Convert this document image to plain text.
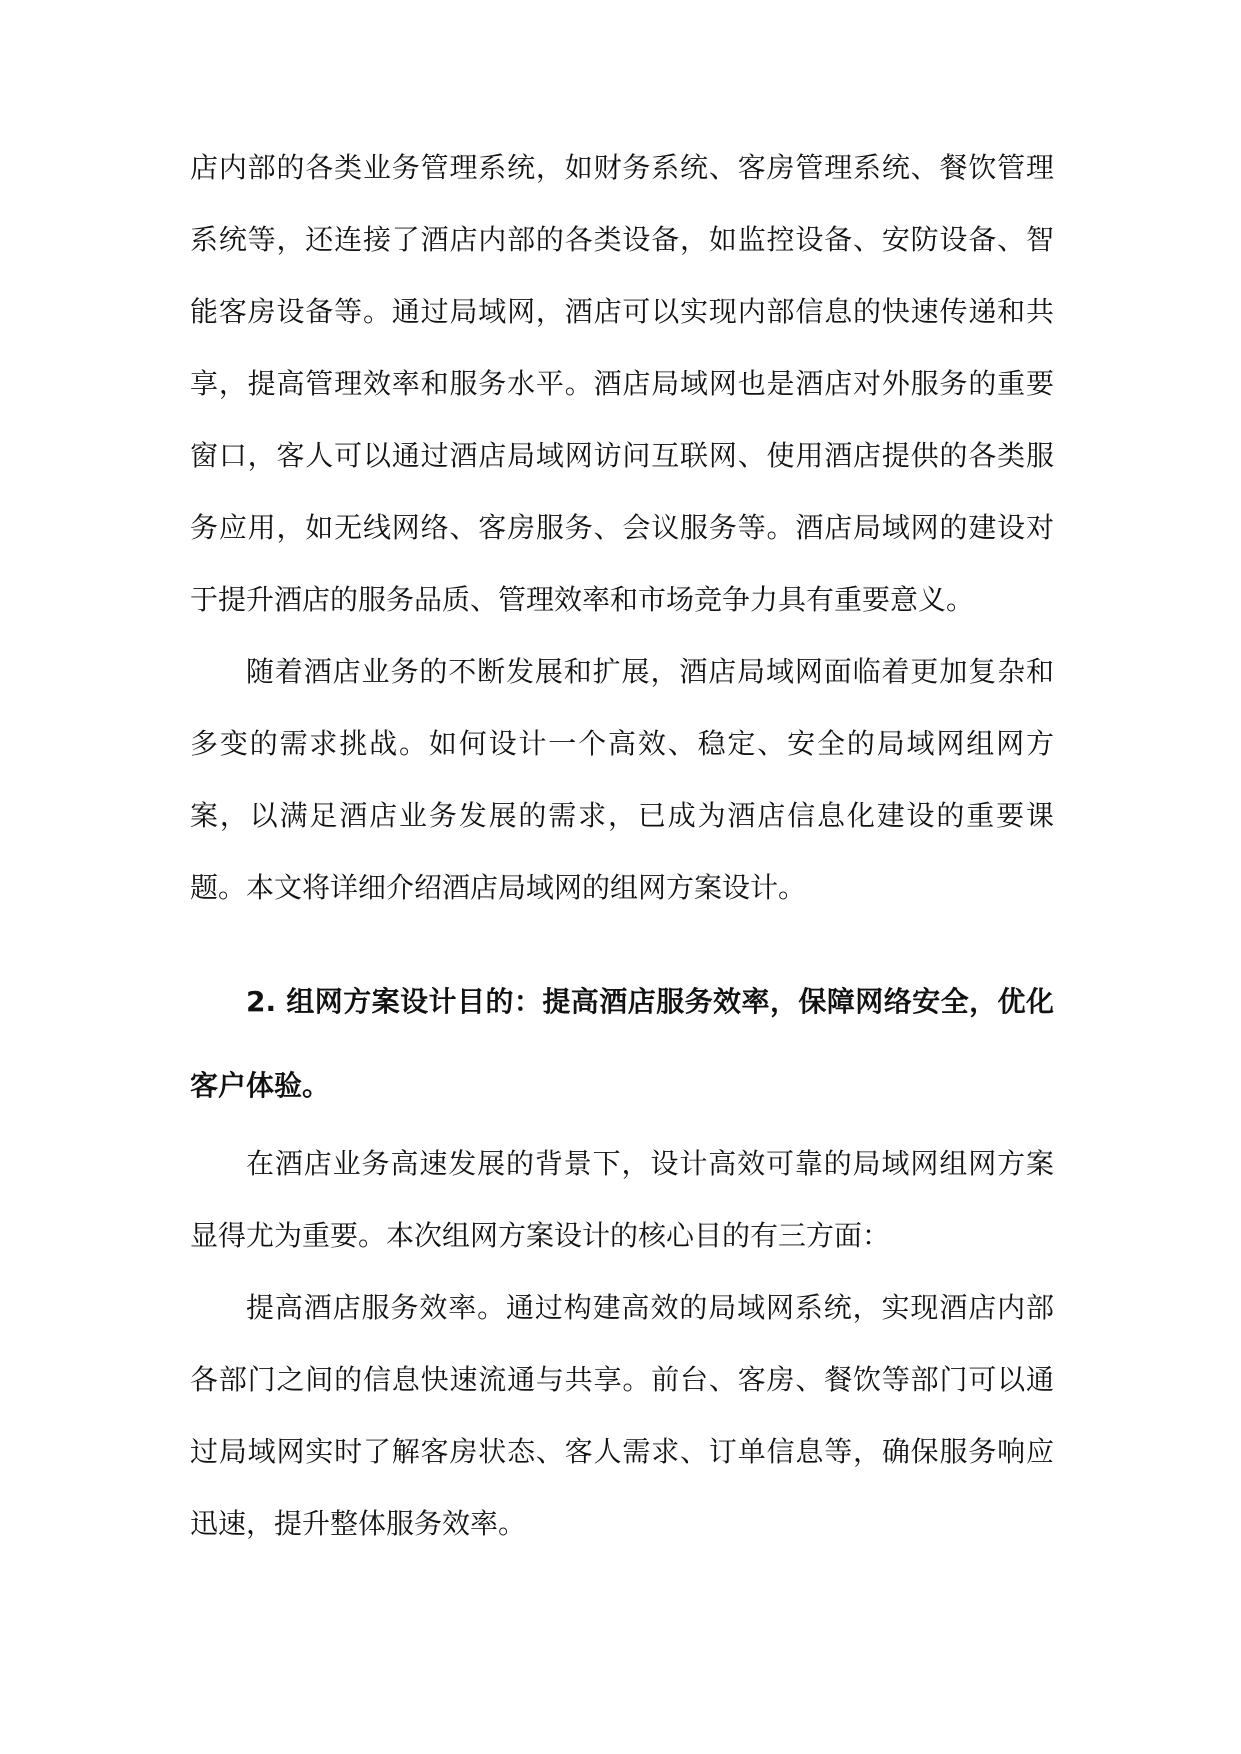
店内部的各类业务管理系统，如财务系统、客房管理系统、餐饮管理系统等，还连接了酒店内部的各类设备，如监控设备、安防设备、智能客房设备等。通过局域网，酒店可以实现内部信息的快速传递和共享，提高管理效率和服务水平。酒店局域网也是酒店对外服务的重要窗口，客人可以通过酒店局域网访问互联网、使用酒店提供的各类服务应用，如无线网络、客房服务、会议服务等。酒店局域网的建设对于提升酒店的服务品质、管理效率和市场竞争力具有重要意义。

随着酒店业务的不断发展和扩展，酒店局域网面临着更加复杂和多变的需求挑战。如何设计一个高效、稳定、安全的局域网组网方案，以满足酒店业务发展的需求，已成为酒店信息化建设的重要课题。本文将详细介绍酒店局域网的组网方案设计。

2. 组网方案设计目的：提高酒店服务效率，保障网络安全，优化客户体验。

在酒店业务高速发展的背景下，设计高效可靠的局域网组网方案显得尤为重要。本次组网方案设计的核心目的有三方面：

提高酒店服务效率。通过构建高效的局域网系统，实现酒店内部各部门之间的信息快速流通与共享。前台、客房、餐饮等部门可以通过局域网实时了解客房状态、客人需求、订单信息等，确保服务响应迅速，提升整体服务效率。
